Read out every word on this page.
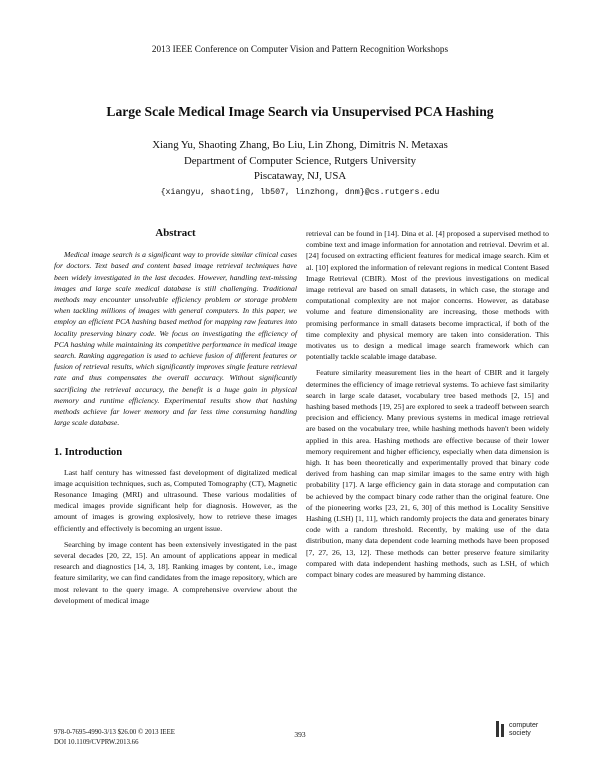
2013 IEEE Conference on Computer Vision and Pattern Recognition Workshops
Large Scale Medical Image Search via Unsupervised PCA Hashing
Xiang Yu, Shaoting Zhang, Bo Liu, Lin Zhong, Dimitris N. Metaxas
Department of Computer Science, Rutgers University
Piscataway, NJ, USA
{xiangyu, shaoting, lb507, linzhong, dnm}@cs.rutgers.edu
Abstract

Medical image search is a significant way to provide similar clinical cases for doctors. Text based and content based image retrieval techniques have been widely investigated in the last decades. However, handling text-missing images and large scale medical database is still challenging. Traditional methods may encounter unsolvable efficiency problem or storage problem when tackling millions of images with general computers. In this paper, we employ an efficient PCA hashing based method for mapping raw features into locality preserving binary code. We focus on investigating the efficiency of PCA hashing while maintaining its competitive performance in medical image search. Ranking aggregation is used to achieve fusion of different features or fusion of retrieval results, which significantly improves single feature retrieval rate and thus compensates the overall accuracy. Without significantly sacrificing the retrieval accuracy, the benefit is a huge gain in physical memory and runtime efficiency. Experimental results show that hashing methods achieve far lower memory and far less time consuming handling large scale database.

1. Introduction

Last half century has witnessed fast development of digitalized medical image acquisition techniques, such as, Computed Tomography (CT), Magnetic Resonance Imaging (MRI) and ultrasound. These various modalities of medical images provide significant help for diagnosis. However, as the amount of images is growing explosively, how to retrieve these images efficiently and effectively is becoming an urgent issue.

Searching by image content has been extensively investigated in the past several decades [20, 22, 15]. An amount of applications appear in medical research and diagnostics [14, 3, 18]. Ranking images by content, i.e., image feature similarity, we can find candidates from the image repository, which are most relevant to the query image. A comprehensive overview about the development of medical image

retrieval can be found in [14]. Dina et al. [4] proposed a supervised method to combine text and image information for annotation and retrieval. Devrim et al. [24] focused on extracting efficient features for medical image search. Kim et al. [10] explored the information of relevant regions in medical Content Based Image Retrieval (CBIR). Most of the previous investigations on medical image retrieval are based on small datasets, in which case, the storage and computational complexity are not major concerns. However, as database volume and feature dimensionality are increasing, those methods with promising performance in small datasets become impractical, if both of the time complexity and physical memory are taken into consideration. This motivates us to design a medical image search framework which can potentially tackle scalable image database.

Feature similarity measurement lies in the heart of CBIR and it largely determines the efficiency of image retrieval systems. To achieve fast similarity search in large scale dataset, vocabulary tree based methods [2, 15] and hashing based methods [19, 25] are explored to seek a tradeoff between search precision and efficiency. Many previous systems in medical image retrieval are based on the vocabulary tree, while hashing methods haven't been widely applied in this area. Hashing methods are effective because of their lower memory requirement and higher efficiency, especially when data dimension is high. It has been theoretically and experimentally proved that binary code derived from hashing can map similar images to the same entry with high probability [17]. A large efficiency gain in data storage and computation can be achieved by the compact binary code rather than the original feature. One of the pioneering works [23, 21, 6, 30] of this method is Locality Sensitive Hashing (LSH) [1, 11], which randomly projects the data and generates binary code with a random threshold. Recently, by making use of the data distribution, many data dependent code learning methods have been proposed [7, 27, 26, 13, 12]. These methods can better preserve feature similarity compared with data independent hashing methods, such as LSH, of which compact binary codes are measured by hamming distance.

978-0-7695-4990-3/13 $26.00 © 2013 IEEE
DOI 10.1109/CVPRW.2013.66
393
computer
society
